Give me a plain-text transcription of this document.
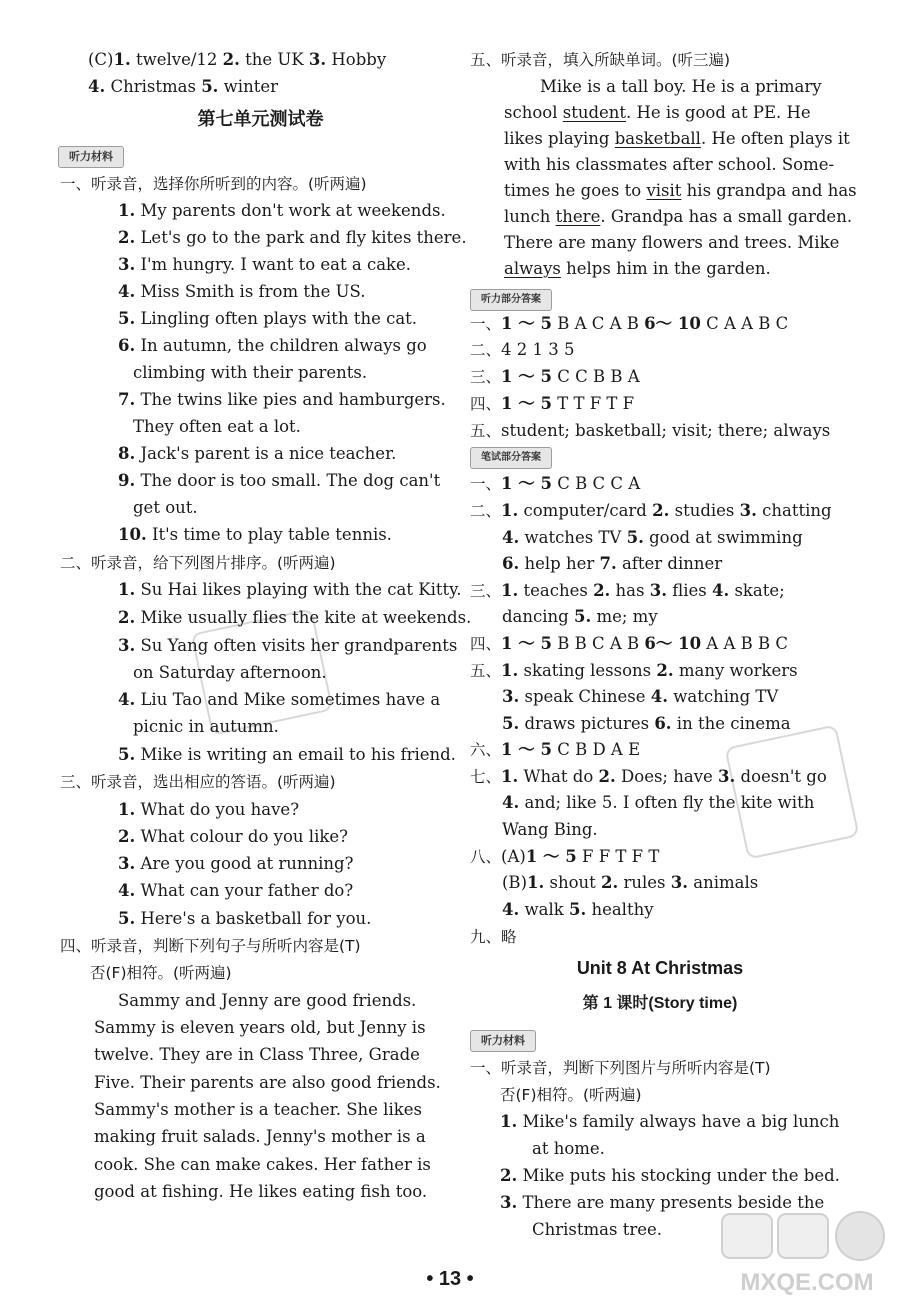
(C)1. twelve/12 2. the UK 3. Hobby
4. Christmas 5. winter
第七单元测试卷
听力材料
一、听录音，选择你所听到的内容。(听两遍)
1. My parents don't work at weekends.
2. Let's go to the park and fly kites there.
3. I'm hungry. I want to eat a cake.
4. Miss Smith is from the US.
5. Lingling often plays with the cat.
6. In autumn, the children always go
climbing with their parents.
7. The twins like pies and hamburgers.
They often eat a lot.
8. Jack's parent is a nice teacher.
9. The door is too small. The dog can't
get out.
10. It's time to play table tennis.
二、听录音，给下列图片排序。(听两遍)
1. Su Hai likes playing with the cat Kitty.
2. Mike usually flies the kite at weekends.
3. Su Yang often visits her grandparents
on Saturday afternoon.
4. Liu Tao and Mike sometimes have a
picnic in autumn.
5. Mike is writing an email to his friend.
三、听录音，选出相应的答语。(听两遍)
1. What do you have?
2. What colour do you like?
3. Are you good at running?
4. What can your father do?
5. Here's a basketball for you.
四、听录音，判断下列句子与所听内容是(T)
否(F)相符。(听两遍)
Sammy and Jenny are good friends.
Sammy is eleven years old, but Jenny is
twelve. They are in Class Three, Grade
Five. Their parents are also good friends.
Sammy's mother is a teacher. She likes
making fruit salads. Jenny's mother is a
cook. She can make cakes. Her father is
good at fishing. He likes eating fish too.
五、听录音，填入所缺单词。(听三遍)
Mike is a tall boy. He is a primary
school student. He is good at PE. He
likes playing basketball. He often plays it
with his classmates after school. Some-
times he goes to visit his grandpa and has
lunch there. Grandpa has a small garden.
There are many flowers and trees. Mike
always helps him in the garden.
听力部分答案
一、1 ～ 5 B A C A B 6～ 10 C A A B C
二、4 2 1 3 5
三、1 ～ 5 C C B B A
四、1 ～ 5 T T F T F
五、student; basketball; visit; there; always
笔试部分答案
一、1 ～ 5 C B C C A
二、1. computer/card 2. studies 3. chatting
4. watches TV 5. good at swimming
6. help her 7. after dinner
三、1. teaches 2. has 3. flies 4. skate;
dancing 5. me; my
四、1 ～ 5 B B C A B 6～ 10 A A B B C
五、1. skating lessons 2. many workers
3. speak Chinese 4. watching TV
5. draws pictures 6. in the cinema
六、1 ～ 5 C B D A E
七、1. What do 2. Does; have 3. doesn't go
4. and; like 5. I often fly the kite with
Wang Bing.
八、(A)1 ～ 5 F F T F T
(B)1. shout 2. rules 3. animals
4. walk 5. healthy
九、略
Unit 8 At Christmas
第 1 课时(Story time)
听力材料
一、听录音，判断下列图片与所听内容是(T)
否(F)相符。(听两遍)
1. Mike's family always have a big lunch
at home.
2. Mike puts his stocking under the bed.
3. There are many presents beside the
Christmas tree.
• 13 •	MXQE.COM
